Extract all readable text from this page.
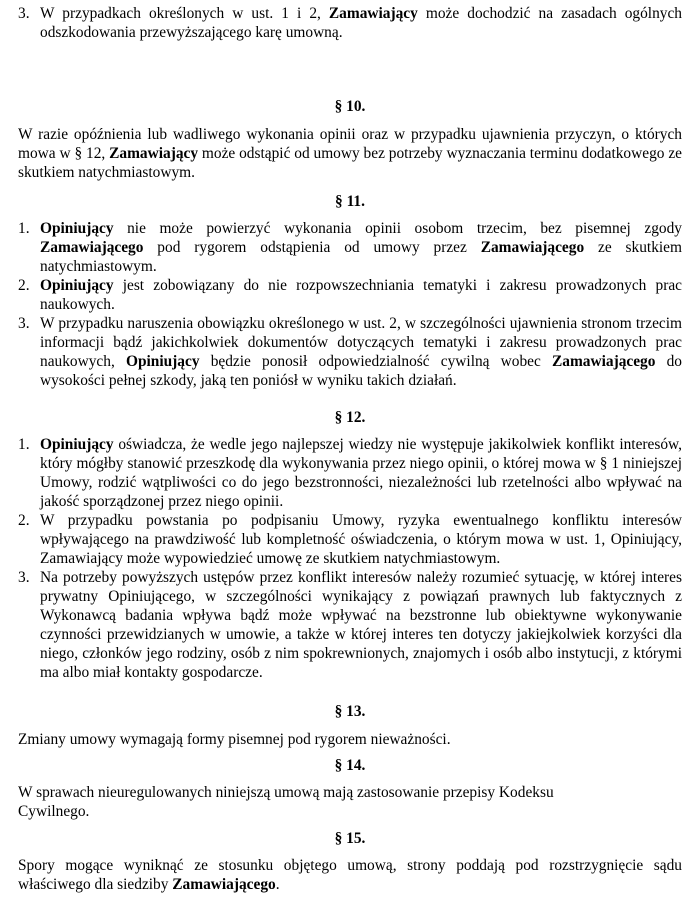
3. W przypadkach określonych w ust. 1 i 2, Zamawiający może dochodzić na zasadach ogólnych odszkodowania przewyższającego karę umowną.
§ 10.
W razie opóźnienia lub wadliwego wykonania opinii oraz w przypadku ujawnienia przyczyn, o których mowa w § 12, Zamawiający może odstąpić od umowy bez potrzeby wyznaczania terminu dodatkowego ze skutkiem natychmiastowym.
§ 11.
1. Opiniujący nie może powierzyć wykonania opinii osobom trzecim, bez pisemnej zgody Zamawiającego pod rygorem odstąpienia od umowy przez Zamawiającego ze skutkiem natychmiastowym.
2. Opiniujący jest zobowiązany do nie rozpowszechniania tematyki i zakresu prowadzonych prac naukowych.
3. W przypadku naruszenia obowiązku określonego w ust. 2, w szczególności ujawnienia stronom trzecim informacji bądź jakichkolwiek dokumentów dotyczących tematyki i zakresu prowadzonych prac naukowych, Opiniujący będzie ponosił odpowiedzialność cywilną wobec Zamawiającego do wysokości pełnej szkody, jaką ten poniósł w wyniku takich działań.
§ 12.
1. Opiniujący oświadcza, że wedle jego najlepszej wiedzy nie występuje jakikolwiek konflikt interesów, który mógłby stanowić przeszkodę dla wykonywania przez niego opinii, o której mowa w § 1 niniejszej Umowy, rodzić wątpliwości co do jego bezstronności, niezależności lub rzetelności albo wpływać na jakość sporządzonej przez niego opinii.
2. W przypadku powstania po podpisaniu Umowy, ryzyka ewentualnego konfliktu interesów wpływającego na prawdziwość lub kompletność oświadczenia, o którym mowa w ust. 1, Opiniujący, Zamawiający może wypowiedzieć umowę ze skutkiem natychmiastowym.
3. Na potrzeby powyższych ustępów przez konflikt interesów należy rozumieć sytuację, w której interes prywatny Opiniującego, w szczególności wynikający z powiązań prawnych lub faktycznych z Wykonawcą badania wpływa bądź może wpływać na bezstronne lub obiektywne wykonywanie czynności przewidzianych w umowie, a także w której interes ten dotyczy jakiejkolwiek korzyści dla niego, członków jego rodziny, osób z nim spokrewnionych, znajomych i osób albo instytucji, z którymi ma albo miał kontakty gospodarcze.
§ 13.
Zmiany umowy wymagają formy pisemnej pod rygorem nieważności.
§ 14.
W sprawach nieuregulowanych niniejszą umową mają zastosowanie przepisy Kodeksu Cywilnego.
§ 15.
Spory mogące wyniknąć ze stosunku objętego umową, strony poddają pod rozstrzygnięcie sądu właściwego dla siedziby Zamawiającego.
